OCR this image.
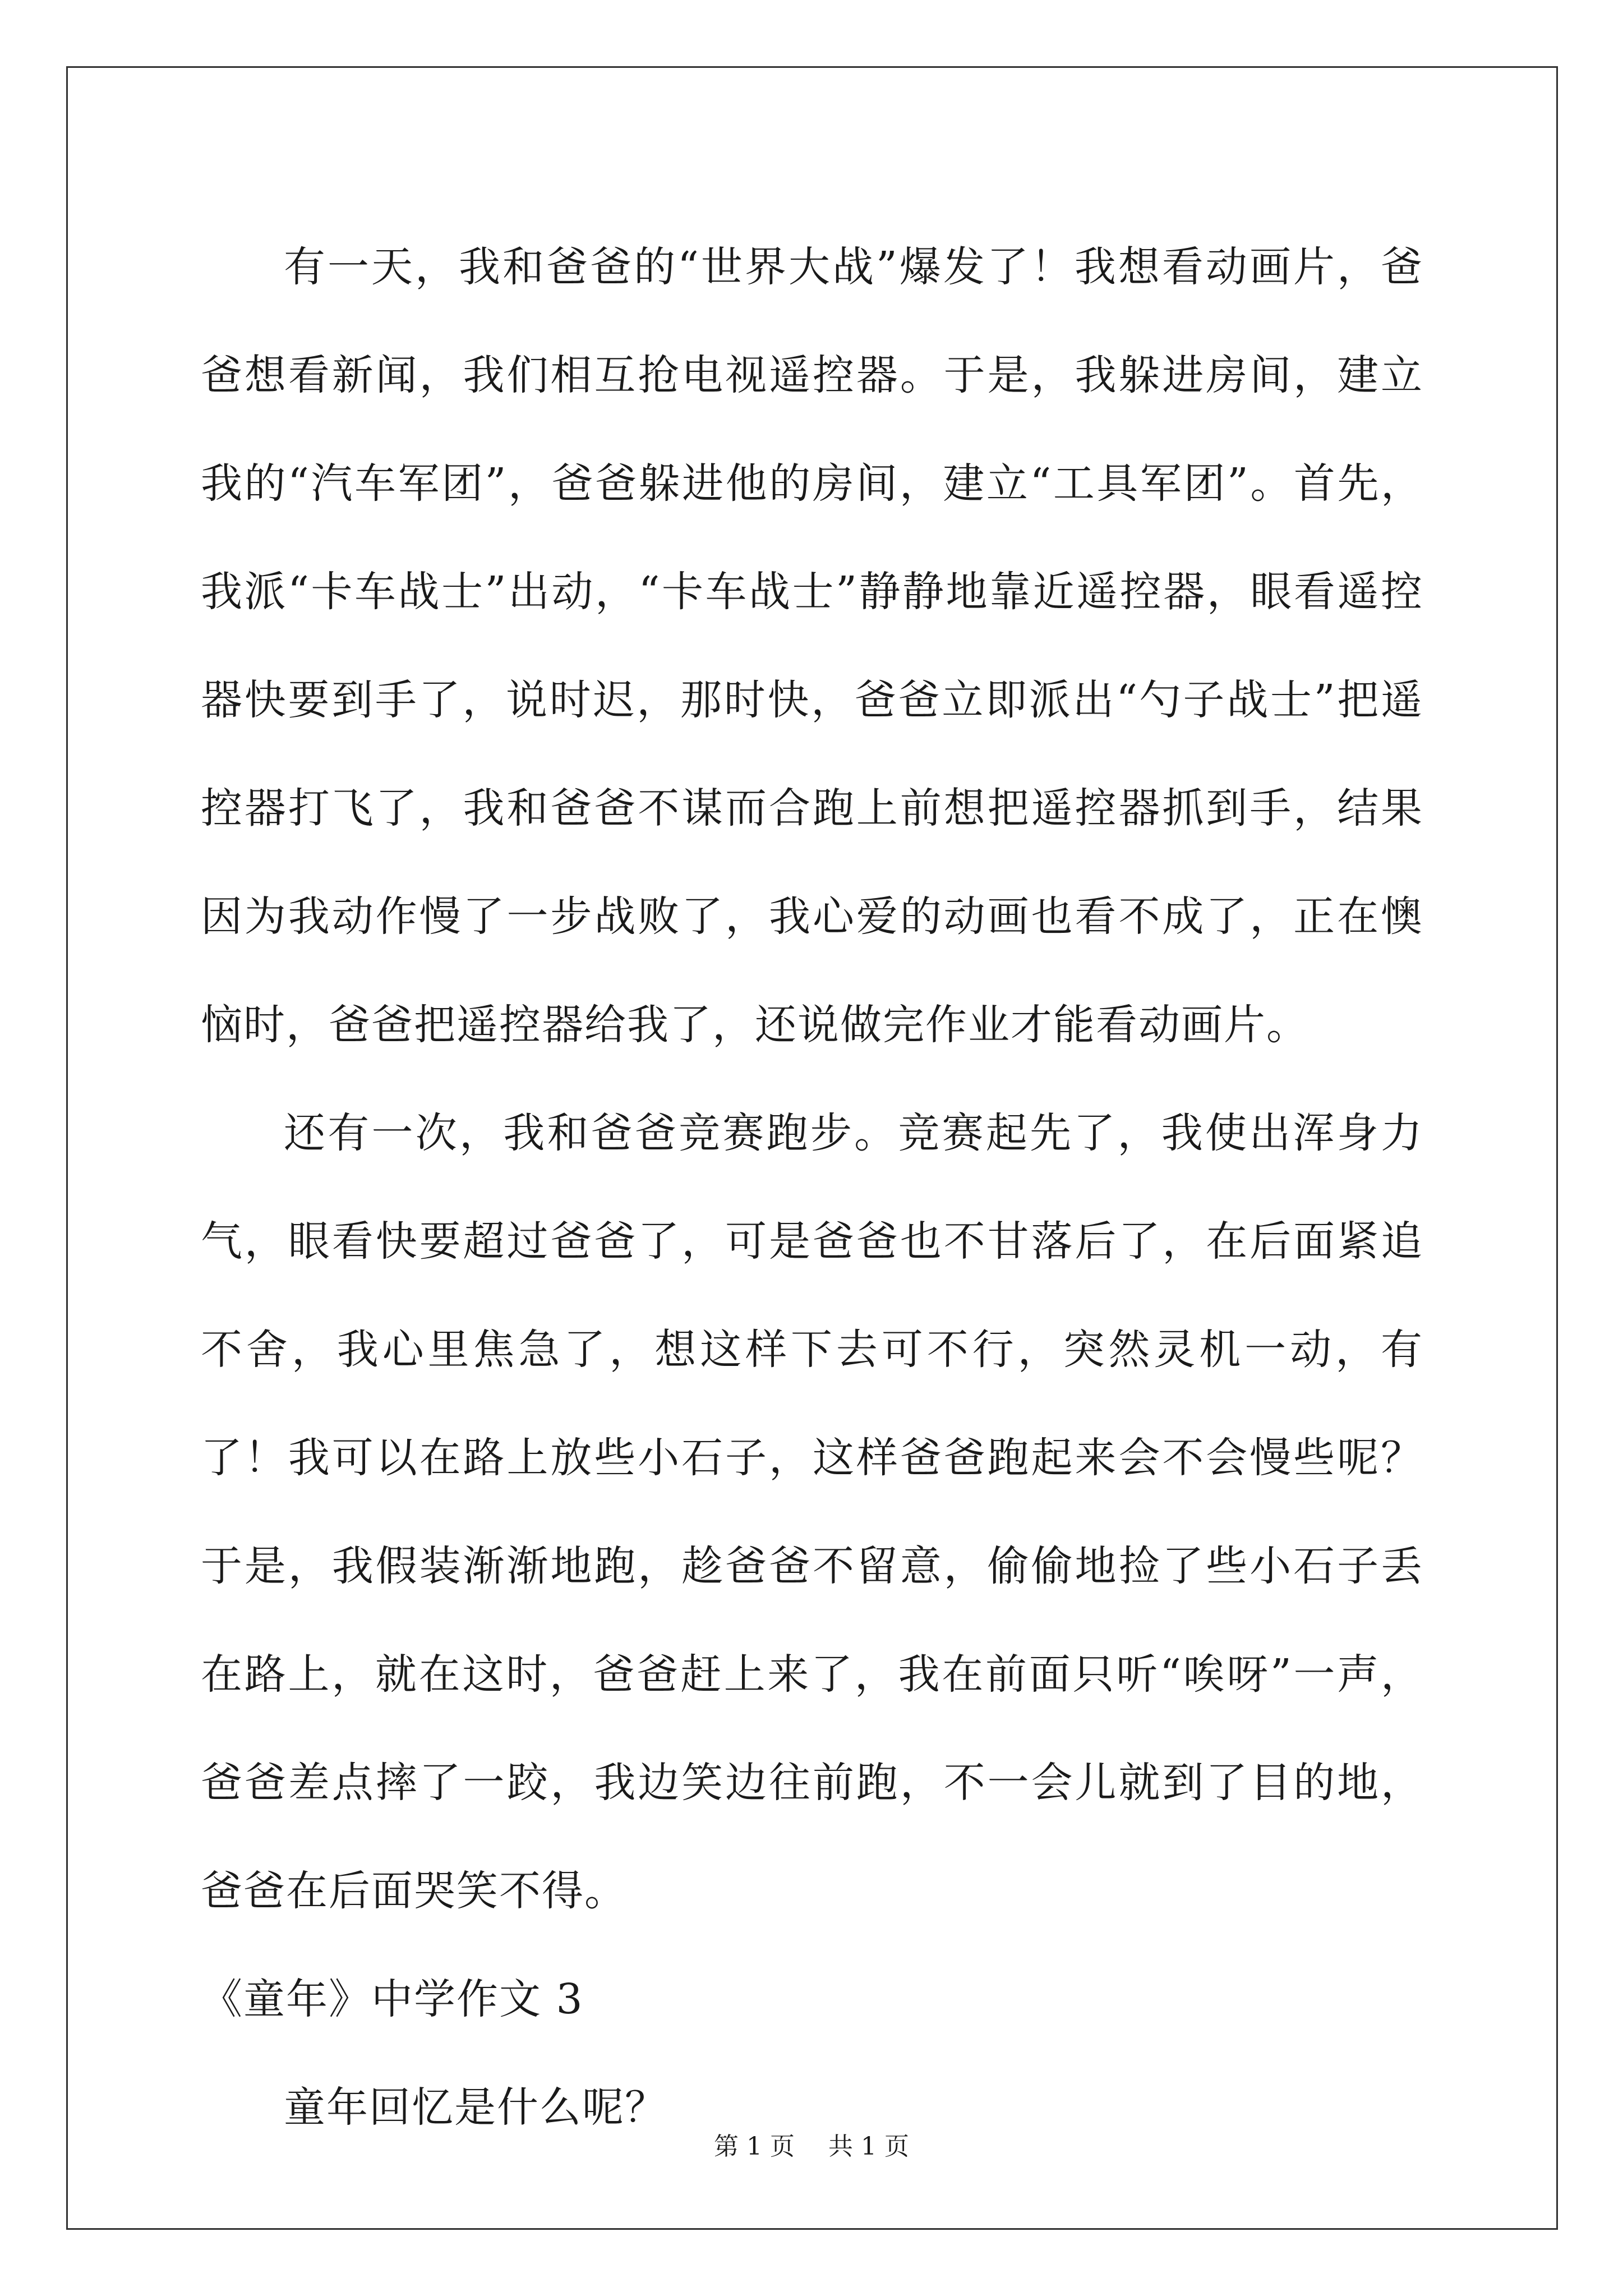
有一天，我和爸爸的“世界大战”爆发了！我想看动画片，爸爸想看新闻，我们相互抢电视遥控器。于是，我躲进房间，建立我的“汽车军团”，爸爸躲进他的房间，建立“工具军团”。首先，我派“卡车战士”出动，“卡车战士”静静地靠近遥控器，眼看遥控器快要到手了，说时迟，那时快，爸爸立即派出“勺子战士”把遥控器打飞了，我和爸爸不谋而合跑上前想把遥控器抓到手，结果因为我动作慢了一步战败了，我心爱的动画也看不成了，正在懊恼时，爸爸把遥控器给我了，还说做完作业才能看动画片。

还有一次，我和爸爸竞赛跑步。竞赛起先了，我使出浑身力气，眼看快要超过爸爸了，可是爸爸也不甘落后了，在后面紧追不舍，我心里焦急了，想这样下去可不行，突然灵机一动，有了！我可以在路上放些小石子，这样爸爸跑起来会不会慢些呢？于是，我假装渐渐地跑，趁爸爸不留意，偷偷地捡了些小石子丢在路上，就在这时，爸爸赶上来了，我在前面只听“唉呀”一声，爸爸差点摔了一跤，我边笑边往前跑，不一会儿就到了目的地，爸爸在后面哭笑不得。

《童年》中学作文 3

童年回忆是什么呢？

第 1 页 共 1 页
